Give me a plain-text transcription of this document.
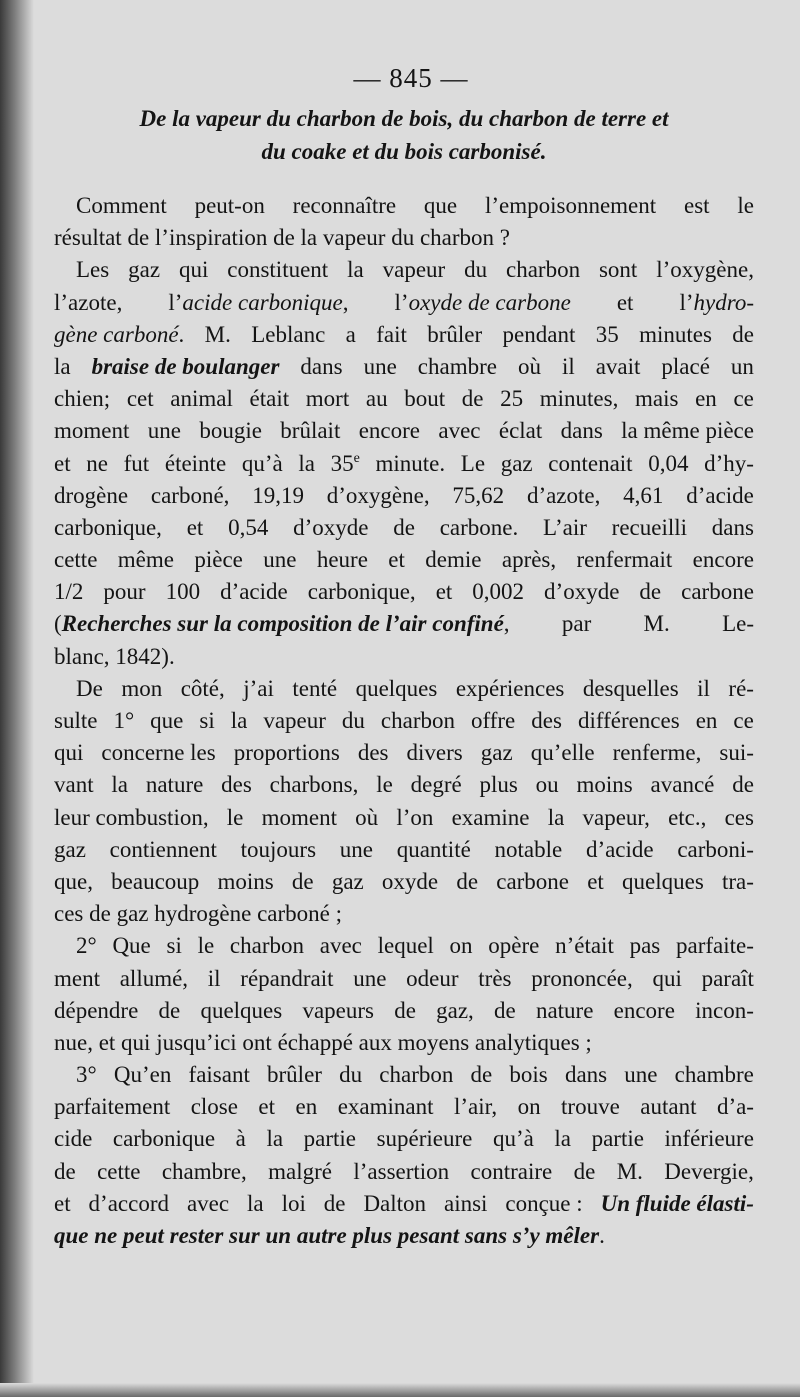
— 845 —
De la vapeur du charbon de bois, du charbon de terre et
du coake et du bois carbonisé.
Comment peut-on reconnaître que l’empoisonnement est le
résultat de l’inspiration de la vapeur du charbon ?
Les gaz qui constituent la vapeur du charbon sont l’oxygène,
l’azote, l’acide carbonique, l’oxyde de carbone et l’hydro-
gène carboné. M. Leblanc a fait brûler pendant 35 minutes de
la braise de boulanger dans une chambre où il avait placé un
chien; cet animal était mort au bout de 25 minutes, mais en ce
moment une bougie brûlait encore avec éclat dans la même pièce
et ne fut éteinte qu’à la 35e minute. Le gaz contenait 0,04 d’hy-
drogène carboné, 19,19 d’oxygène, 75,62 d’azote, 4,61 d’acide
carbonique, et 0,54 d’oxyde de carbone. L’air recueilli dans
cette même pièce une heure et demie après, renfermait encore
1/2 pour 100 d’acide carbonique, et 0,002 d’oxyde de carbone
(Recherches sur la composition de l’air confiné, par M. Le-
blanc, 1842).
De mon côté, j’ai tenté quelques expériences desquelles il ré-
sulte 1° que si la vapeur du charbon offre des différences en ce
qui concerne les proportions des divers gaz qu’elle renferme, sui-
vant la nature des charbons, le degré plus ou moins avancé de
leur combustion, le moment où l’on examine la vapeur, etc., ces
gaz contiennent toujours une quantité notable d’acide carboni-
que, beaucoup moins de gaz oxyde de carbone et quelques tra-
ces de gaz hydrogène carboné ;
2° Que si le charbon avec lequel on opère n’était pas parfaite-
ment allumé, il répandrait une odeur très prononcée, qui paraît
dépendre de quelques vapeurs de gaz, de nature encore incon-
nue, et qui jusqu’ici ont échappé aux moyens analytiques ;
3° Qu’en faisant brûler du charbon de bois dans une chambre
parfaitement close et en examinant l’air, on trouve autant d’a-
cide carbonique à la partie supérieure qu’à la partie inférieure
de cette chambre, malgré l’assertion contraire de M. Devergie,
et d’accord avec la loi de Dalton ainsi conçue : Un fluide élasti-
que ne peut rester sur un autre plus pesant sans s’y mêler.
